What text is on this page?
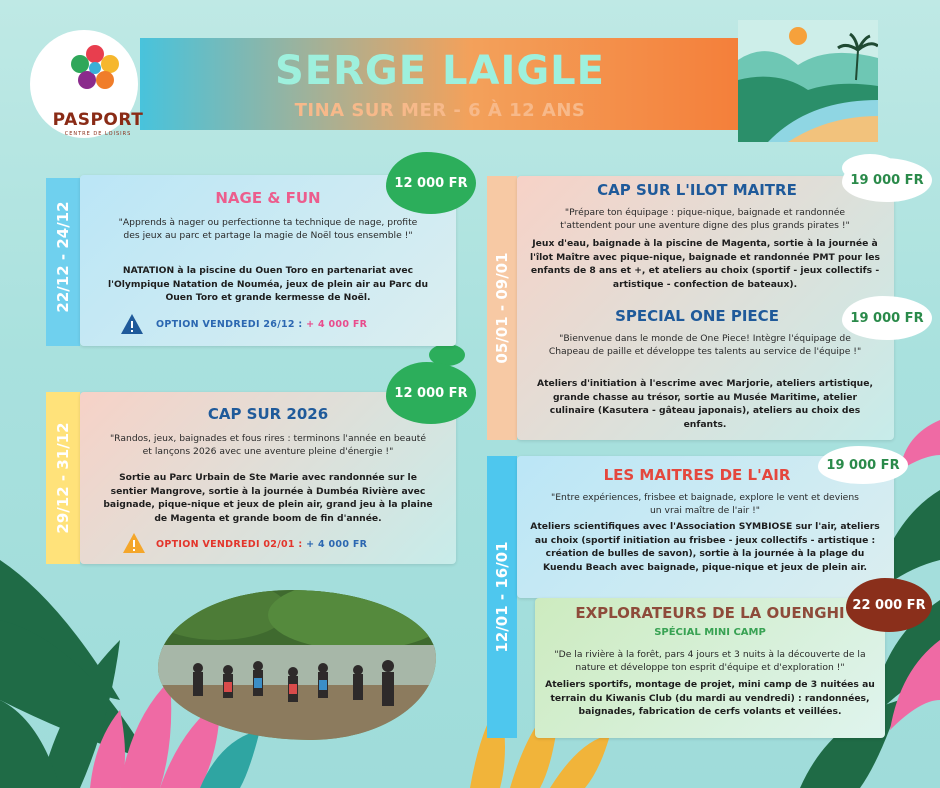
SERGE LAIGLE
TINA SUR MER - 6 À 12 ANS
PASPORT
CENTRE DE LOISIRS
22/12 - 24/12
NAGE & FUN
"Apprends à nager ou perfectionne ta technique de nage, profite des jeux au parc et partage la magie de Noël tous ensemble !"
NATATION à la piscine du Ouen Toro en partenariat avec l'Olympique Natation de Nouméa, jeux de plein air au Parc du Ouen Toro et grande kermesse de Noël.
OPTION VENDREDI 26/12 : + 4 000 FR
12 000 FR
29/12 - 31/12
CAP SUR 2026
"Randos, jeux, baignades et fous rires : terminons l'année en beauté et lançons 2026 avec une aventure pleine d'énergie !"
Sortie au Parc Urbain de Ste Marie avec randonnée sur le sentier Mangrove, sortie à la journée à Dumbéa Rivière avec baignade, pique-nique et jeux de plein air, grand jeu à la plaine de Magenta et grande boom de fin d'année.
OPTION VENDREDI 02/01 : + 4 000 FR
12 000 FR
05/01 - 09/01
CAP SUR L'ILOT MAITRE
"Prépare ton équipage : pique-nique, baignade et randonnée t'attendent pour une aventure digne des plus grands pirates !"
Jeux d'eau, baignade à la piscine de Magenta, sortie à la journée à l'îlot Maître avec pique-nique, baignade et randonnée PMT pour les enfants de 8 ans et +, et ateliers au choix (sportif - jeux collectifs - artistique - confection de bateaux).
19 000 FR
SPECIAL ONE PIECE
"Bienvenue dans le monde de One Piece! Intègre l'équipage de Chapeau de paille et développe tes talents au service de l'équipe !"
Ateliers d'initiation à l'escrime avec Marjorie, ateliers artistique, grande chasse au trésor, sortie au Musée Maritime, atelier culinaire (Kasutera - gâteau japonais), ateliers au choix des enfants.
19 000 FR
12/01 - 16/01
LES MAITRES DE L'AIR
"Entre expériences, frisbee et baignade, explore le vent et deviens un vrai maître de l'air !"
Ateliers scientifiques avec l'Association SYMBIOSE sur l'air, ateliers au choix (sportif initiation au frisbee - jeux collectifs - artistique : création de bulles de savon), sortie à la journée à la plage du Kuendu Beach avec baignade, pique-nique et jeux de plein air.
19 000 FR
EXPLORATEURS DE LA OUENGHI
SPÉCIAL MINI CAMP
"De la rivière à la forêt, pars 4 jours et 3 nuits à la découverte de la nature et développe ton esprit d'équipe et d'exploration !"
Ateliers sportifs, montage de projet, mini camp de 3 nuitées au terrain du Kiwanis Club (du mardi au vendredi) : randonnées, baignades, fabrication de cerfs volants et veillées.
22 000 FR
